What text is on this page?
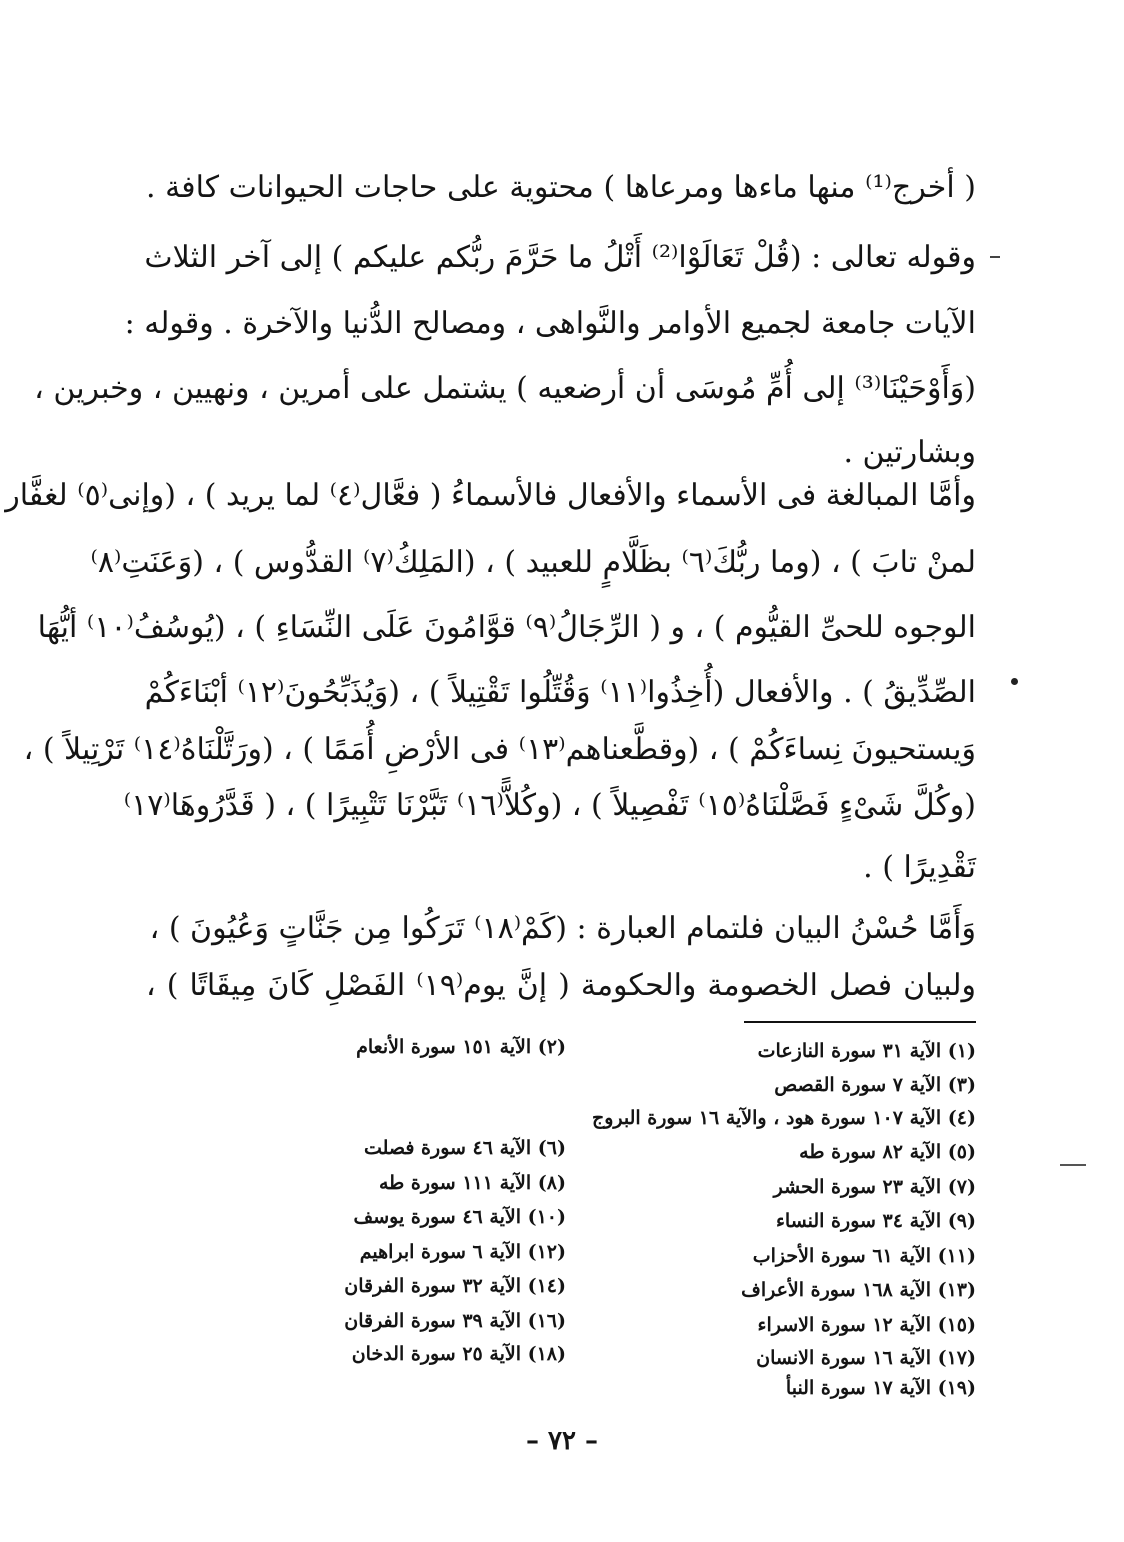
( أخرج⁽¹⁾ منها ماءها ومرعاها ) محتوية على حاجات الحيوانات كافة .
وقوله تعالى : (قُلْ تَعَالَوْا⁽²⁾ أَتْلُ ما حَرَّمَ ربُّكم عليكم ) إلى آخر الثلاث
الآيات جامعة لجميع الأوامر والنَّواهى ، ومصالح الدُّنيا والآخرة . وقوله :
(وَأَوْحَيْنَا⁽³⁾ إلى أُمِّ مُوسَى أن أرضعيه ) يشتمل على أمرين ، ونهيين ، وخبرين ،
وبشارتين .
وأمَّا المبالغة فى الأسماء والأفعال فالأسماءُ ( فعَّال⁽٤⁾ لما يريد ) ، (وإنى⁽٥⁾ لغفَّار
لمنْ تابَ ) ، (وما ربُّكَ⁽٦⁾ بظَلَّامٍ للعبيد ) ، (المَلِكُ⁽٧⁾ القدُّوس ) ، (وَعَنَتِ⁽٨⁾
الوجوه للحىِّ القيُّوم ) ، و ( الرِّجَالُ⁽٩⁾ قوَّامُونَ عَلَى النِّسَاءِ ) ، (يُوسُفُ⁽١٠⁾ أيُّهَا
الصِّدِّيقُ ) . والأفعال (أُخِذُوا⁽١١⁾ وَقُتِّلُوا تَقْتِيلاً ) ، (وَيُذَبِّحُونَ⁽١٢⁾ أبْنَاءَكُمْ
وَيستحيونَ نِساءَكُمْ ) ، (وقطَّعناهم⁽١٣⁾ فى الأرْضِ أُمَمًا ) ، (ورَتَّلْنَاهُ⁽١٤⁾ تَرْتِيلاً ) ،
(وكُلَّ شَىْءٍ فَصَّلْنَاهُ⁽١٥⁾ تَفْصِيلاً ) ، (وكُلاًّ⁽١٦⁾ تَبَّرْنَا تَتْبِيرًا ) ، ( قَدَّرُوهَا⁽١٧⁾
تَقْدِيرًا ) .
وَأَمَّا حُسْنُ البيان فلتمام العبارة : (كَمْ⁽١٨⁾ تَرَكُوا مِن جَنَّاتٍ وَعُيُونَ ) ،
ولبيان فصل الخصومة والحكومة ( إنَّ يوم⁽١٩⁾ الفَصْلِ كَانَ مِيقَاتًا ) ،
(١) الآية ٣١ سورة النازعات
(٢) الآية ١٥١ سورة الأنعام
(٣) الآية ٧ سورة القصص
(٤) الآية ١٠٧ سورة هود ، والآية ١٦ سورة البروج
(٥) الآية ٨٢ سورة طه
(٦) الآية ٤٦ سورة فصلت
(٧) الآية ٢٣ سورة الحشر
(٨) الآية ١١١ سورة طه
(٩) الآية ٣٤ سورة النساء
(١٠) الآية ٤٦ سورة يوسف
(١١) الآية ٦١ سورة الأحزاب
(١٢) الآية ٦ سورة ابراهيم
(١٣) الآية ١٦٨ سورة الأعراف
(١٤) الآية ٣٢ سورة الفرقان
(١٥) الآية ١٢ سورة الاسراء
(١٦) الآية ٣٩ سورة الفرقان
(١٧) الآية ١٦ سورة الانسان
(١٨) الآية ٢٥ سورة الدخان
(١٩) الآية ١٧ سورة النبأ
– ٧٢ –
